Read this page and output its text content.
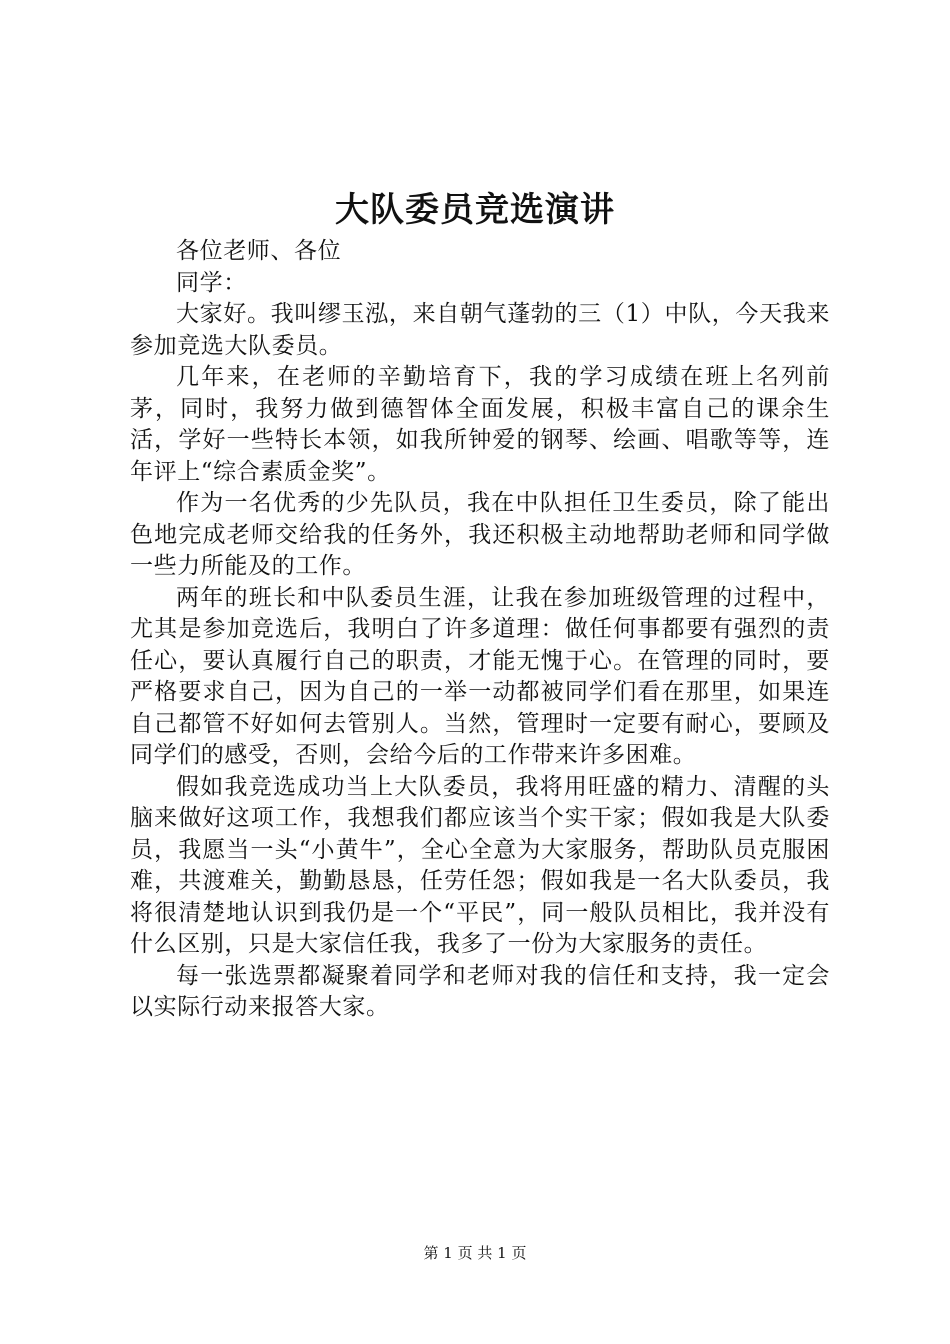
大队委员竞选演讲

各位老师、各位

同学：

大家好。我叫缪玉泓，来自朝气蓬勃的三（1）中队，今天我来参加竞选大队委员。

几年来，在老师的辛勤培育下，我的学习成绩在班上名列前茅，同时，我努力做到德智体全面发展，积极丰富自己的课余生活，学好一些特长本领，如我所钟爱的钢琴、绘画、唱歌等等，连年评上“综合素质金奖”。

作为一名优秀的少先队员，我在中队担任卫生委员，除了能出色地完成老师交给我的任务外，我还积极主动地帮助老师和同学做一些力所能及的工作。

两年的班长和中队委员生涯，让我在参加班级管理的过程中，尤其是参加竞选后，我明白了许多道理：做任何事都要有强烈的责任心，要认真履行自己的职责，才能无愧于心。在管理的同时，要严格要求自己，因为自己的一举一动都被同学们看在那里，如果连自己都管不好如何去管别人。当然，管理时一定要有耐心，要顾及同学们的感受，否则，会给今后的工作带来许多困难。

假如我竞选成功当上大队委员，我将用旺盛的精力、清醒的头脑来做好这项工作，我想我们都应该当个实干家；假如我是大队委员，我愿当一头“小黄牛”，全心全意为大家服务，帮助队员克服困难，共渡难关，勤勤恳恳，任劳任怨；假如我是一名大队委员，我将很清楚地认识到我仍是一个“平民”，同一般队员相比，我并没有什么区别，只是大家信任我，我多了一份为大家服务的责任。

每一张选票都凝聚着同学和老师对我的信任和支持，我一定会以实际行动来报答大家。

第 1 页 共 1 页
